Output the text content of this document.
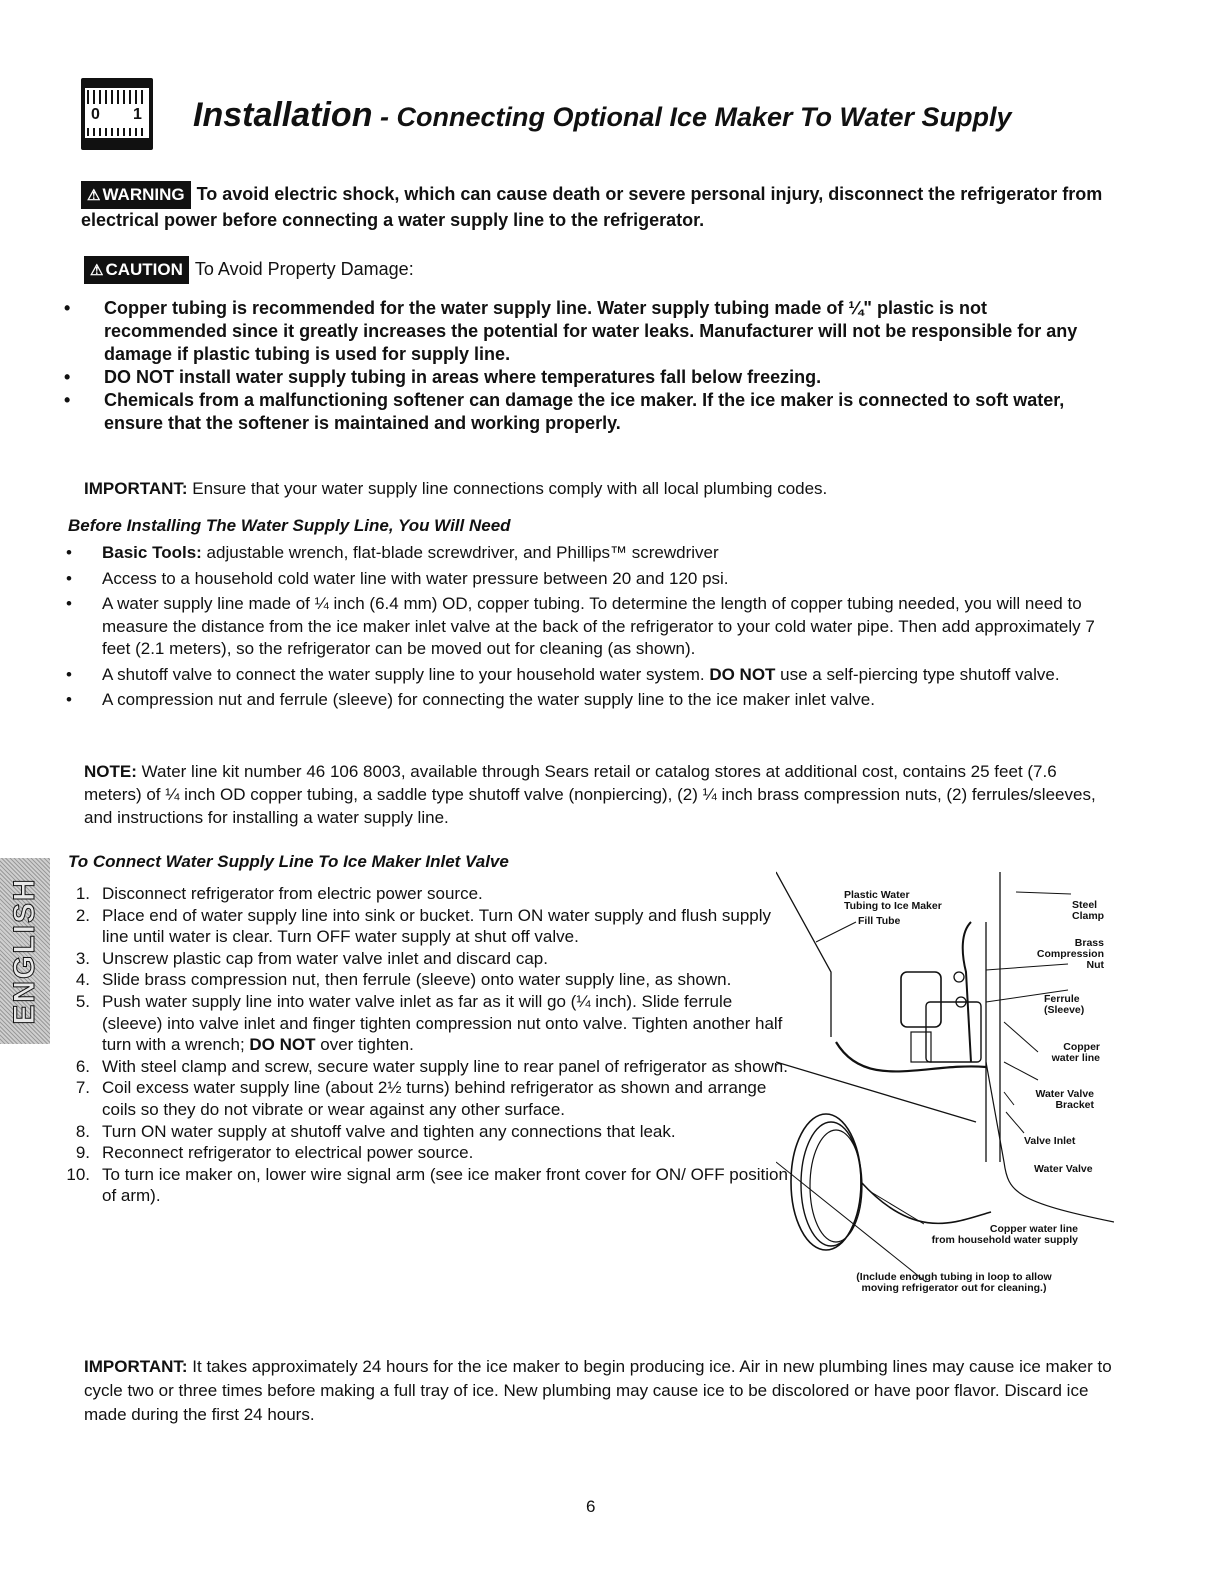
0 1 Installation - Connecting Optional Ice Maker To Water Supply
⚠ WARNING To avoid electric shock, which can cause death or severe personal injury, disconnect the refrigerator from electrical power before connecting a water supply line to the refrigerator.
⚠ CAUTION To Avoid Property Damage:
• Copper tubing is recommended for the water supply line. Water supply tubing made of ¼" plastic is not recommended since it greatly increases the potential for water leaks. Manufacturer will not be responsible for any damage if plastic tubing is used for supply line.
• DO NOT install water supply tubing in areas where temperatures fall below freezing.
• Chemicals from a malfunctioning softener can damage the ice maker. If the ice maker is connected to soft water, ensure that the softener is maintained and working properly.
IMPORTANT: Ensure that your water supply line connections comply with all local plumbing codes.
Before Installing The Water Supply Line, You Will Need
• Basic Tools: adjustable wrench, flat-blade screwdriver, and Phillips™ screwdriver
• Access to a household cold water line with water pressure between 20 and 120 psi.
• A water supply line made of ¼ inch (6.4 mm) OD, copper tubing. To determine the length of copper tubing needed, you will need to measure the distance from the ice maker inlet valve at the back of the refrigerator to your cold water pipe. Then add approximately 7 feet (2.1 meters), so the refrigerator can be moved out for cleaning (as shown).
• A shutoff valve to connect the water supply line to your household water system. DO NOT use a self-piercing type shutoff valve.
• A compression nut and ferrule (sleeve) for connecting the water supply line to the ice maker inlet valve.
NOTE: Water line kit number 46 106 8003, available through Sears retail or catalog stores at additional cost, contains 25 feet (7.6 meters) of ¼ inch OD copper tubing, a saddle type shutoff valve (nonpiercing), (2) ¼ inch brass compression nuts, (2) ferrules/sleeves, and instructions for installing a water supply line.
ENGLISH
To Connect Water Supply Line To Ice Maker Inlet Valve
1. Disconnect refrigerator from electric power source.
2. Place end of water supply line into sink or bucket. Turn ON water supply and flush supply line until water is clear. Turn OFF water supply at shut off valve.
3. Unscrew plastic cap from water valve inlet and discard cap.
4. Slide brass compression nut, then ferrule (sleeve) onto water supply line, as shown.
5. Push water supply line into water valve inlet as far as it will go (¼ inch). Slide ferrule (sleeve) into valve inlet and finger tighten compression nut onto valve. Tighten another half turn with a wrench; DO NOT over tighten.
6. With steel clamp and screw, secure water supply line to rear panel of refrigerator as shown.
7. Coil excess water supply line (about 2½ turns) behind refrigerator as shown and arrange coils so they do not vibrate or wear against any other surface.
8. Turn ON water supply at shutoff valve and tighten any connections that leak.
9. Reconnect refrigerator to electrical power source.
10. To turn ice maker on, lower wire signal arm (see ice maker front cover for ON/ OFF position of arm).
Plastic Water
Tubing to Ice Maker
Fill Tube
Steel
Clamp
Brass
Compression
Nut
Ferrule
(Sleeve)
Copper
water line
Water Valve
Bracket
Valve Inlet
Water Valve
Copper water line
from household water supply
(Include enough tubing in loop to allow
moving refrigerator out for cleaning.)
IMPORTANT: It takes approximately 24 hours for the ice maker to begin producing ice. Air in new plumbing lines may cause ice maker to cycle two or three times before making a full tray of ice. New plumbing may cause ice to be discolored or have poor flavor. Discard ice made during the first 24 hours.
6
